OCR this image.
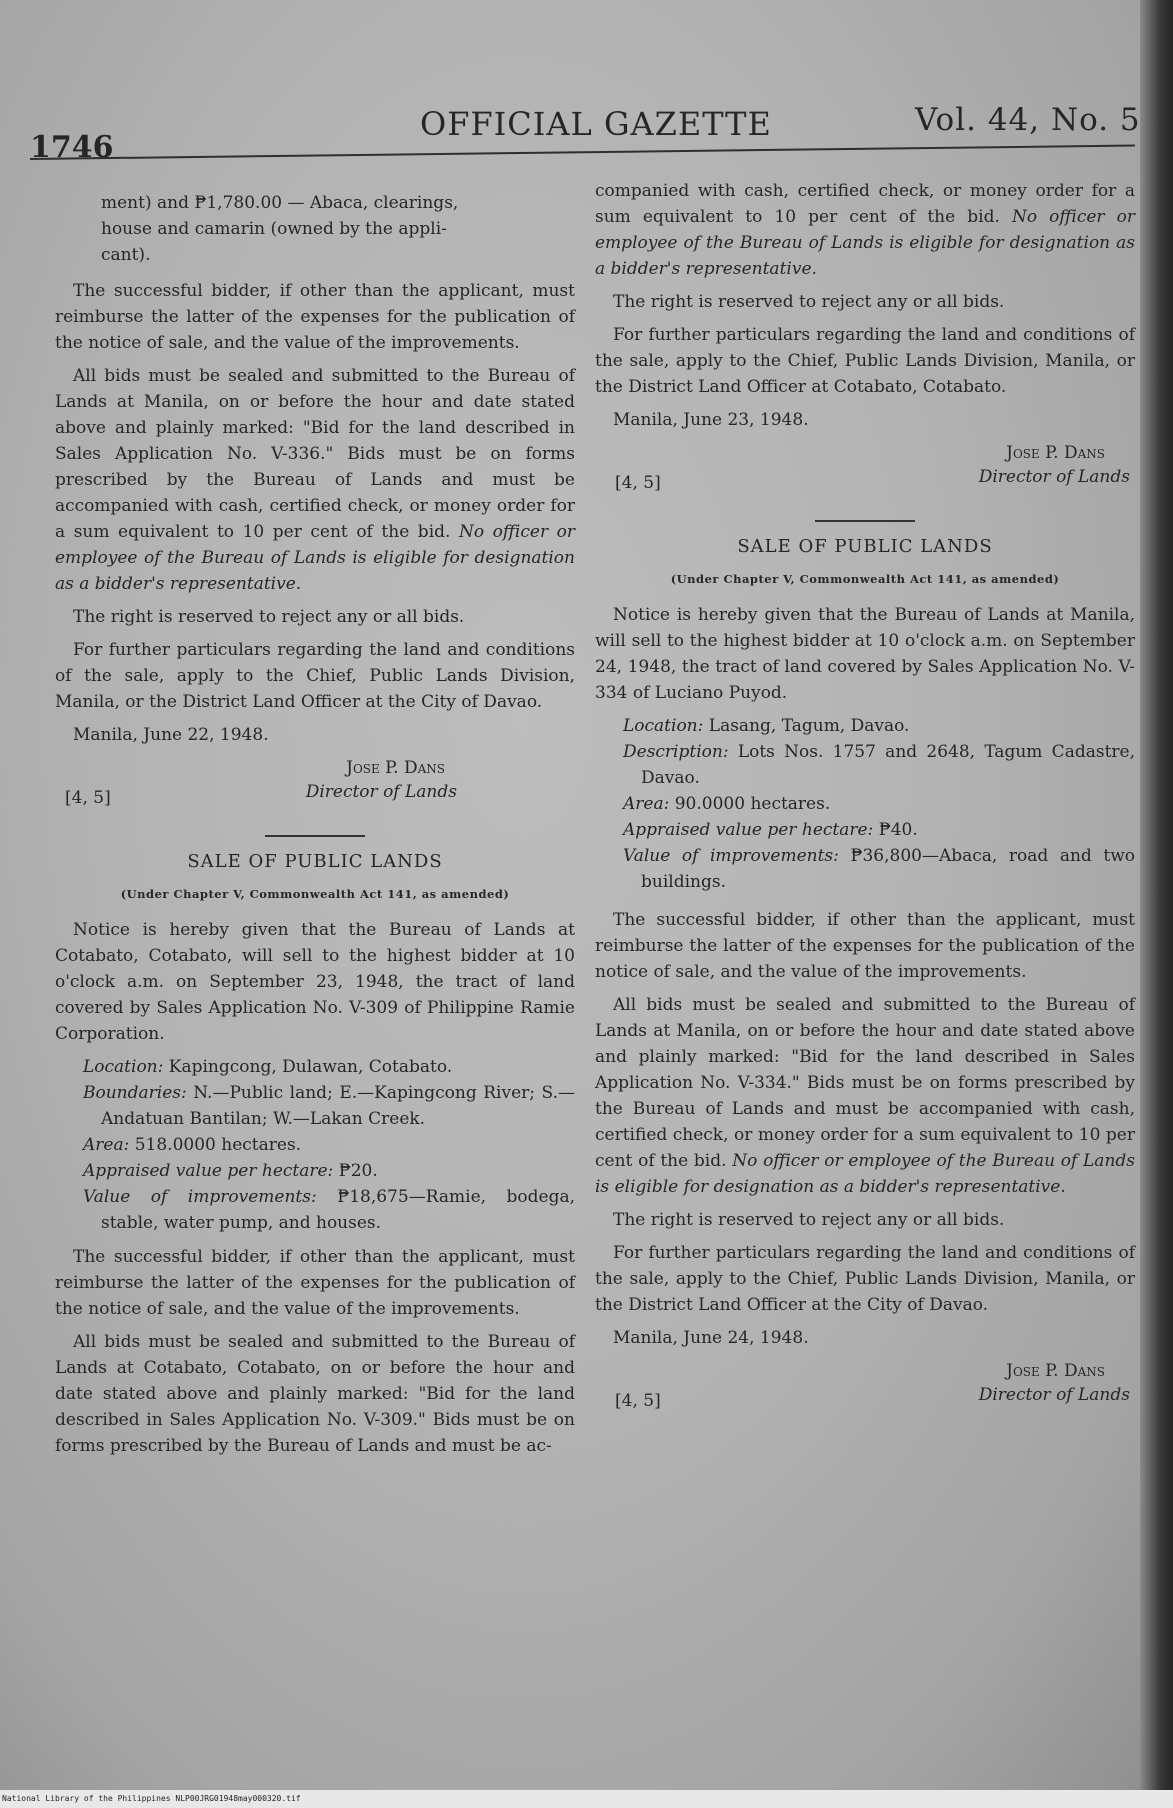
1746
OFFICIAL GAZETTE	Vol. 44, No. 5
ment) and ₱1,780.00 — Abaca, clearings,
house and camarin (owned by the appli-
cant).

The successful bidder, if other than the applicant, must reimburse the latter of the expenses for the publication of the notice of sale, and the value of the improvements.

All bids must be sealed and submitted to the Bureau of Lands at Manila, on or before the hour and date stated above and plainly marked: "Bid for the land described in Sales Application No. V-336." Bids must be on forms prescribed by the Bureau of Lands and must be accompanied with cash, certified check, or money order for a sum equivalent to 10 per cent of the bid. No officer or employee of the Bureau of Lands is eligible for designation as a bidder's representative.

The right is reserved to reject any or all bids.

For further particulars regarding the land and conditions of the sale, apply to the Chief, Public Lands Division, Manila, or the District Land Officer at the City of Davao.

Manila, June 22, 1948.

Jose P. Dans
Director of Lands
[4, 5]
SALE OF PUBLIC LANDS
(Under Chapter V, Commonwealth Act 141, as amended)

Notice is hereby given that the Bureau of Lands at Cotabato, Cotabato, will sell to the highest bidder at 10 o'clock a.m. on September 23, 1948, the tract of land covered by Sales Application No. V-309 of Philippine Ramie Corporation.

Location: Kapingcong, Dulawan, Cotabato.
Boundaries: N.—Public land; E.—Kapingcong River; S.—Andatuan Bantilan; W.—Lakan Creek.
Area: 518.0000 hectares.
Appraised value per hectare: ₱20.
Value of improvements: ₱18,675—Ramie, bodega, stable, water pump, and houses.

The successful bidder, if other than the applicant, must reimburse the latter of the expenses for the publication of the notice of sale, and the value of the improvements.

All bids must be sealed and submitted to the Bureau of Lands at Cotabato, Cotabato, on or before the hour and date stated above and plainly marked: "Bid for the land described in Sales Application No. V-309." Bids must be on forms prescribed by the Bureau of Lands and must be ac-

companied with cash, certified check, or money order for a sum equivalent to 10 per cent of the bid. No officer or employee of the Bureau of Lands is eligible for designation as a bidder's representative.

The right is reserved to reject any or all bids.

For further particulars regarding the land and conditions of the sale, apply to the Chief, Public Lands Division, Manila, or the District Land Officer at Cotabato, Cotabato.

Manila, June 23, 1948.

Jose P. Dans
Director of Lands
[4, 5]
SALE OF PUBLIC LANDS
(Under Chapter V, Commonwealth Act 141, as amended)

Notice is hereby given that the Bureau of Lands at Manila, will sell to the highest bidder at 10 o'clock a.m. on September 24, 1948, the tract of land covered by Sales Application No. V-334 of Luciano Puyod.

Location: Lasang, Tagum, Davao.
Description: Lots Nos. 1757 and 2648, Tagum Cadastre, Davao.
Area: 90.0000 hectares.
Appraised value per hectare: ₱40.
Value of improvements: ₱36,800—Abaca, road and two buildings.

The successful bidder, if other than the applicant, must reimburse the latter of the expenses for the publication of the notice of sale, and the value of the improvements.

All bids must be sealed and submitted to the Bureau of Lands at Manila, on or before the hour and date stated above and plainly marked: "Bid for the land described in Sales Application No. V-334." Bids must be on forms prescribed by the Bureau of Lands and must be accompanied with cash, certified check, or money order for a sum equivalent to 10 per cent of the bid. No officer or employee of the Bureau of Lands is eligible for designation as a bidder's representative.

The right is reserved to reject any or all bids.

For further particulars regarding the land and conditions of the sale, apply to the Chief, Public Lands Division, Manila, or the District Land Officer at the City of Davao.

Manila, June 24, 1948.

Jose P. Dans
Director of Lands
[4, 5]
National Library of the Philippines NLP00JRG01948may000320.tif
